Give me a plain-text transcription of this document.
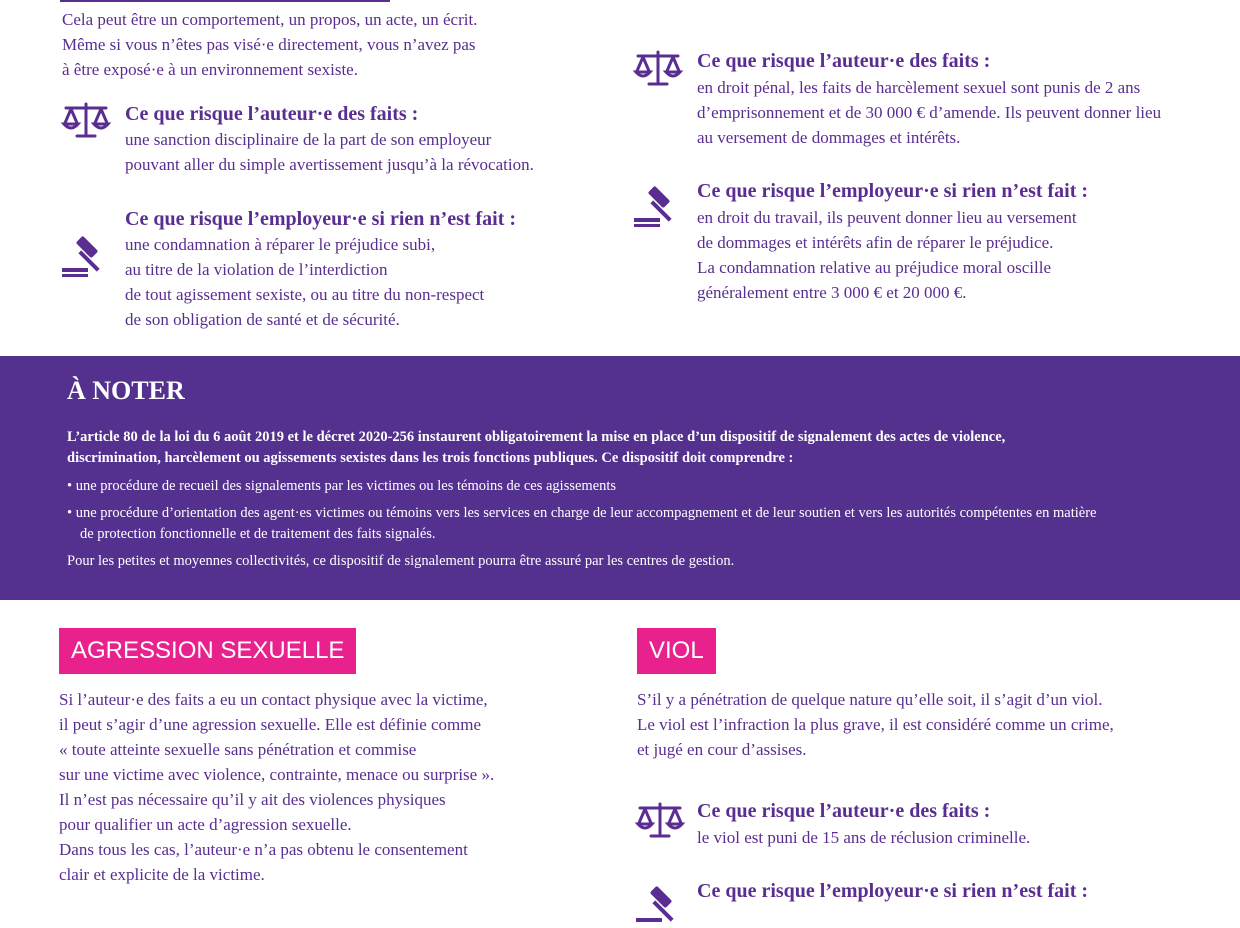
Cela peut être un comportement, un propos, un acte, un écrit.
Même si vous n’êtes pas visé·e directement, vous n’avez pas
à être exposé·e à un environnement sexiste.
Ce que risque l’auteur·e des faits :
une sanction disciplinaire de la part de son employeur
pouvant aller du simple avertissement jusqu’à la révocation.
Ce que risque l’employeur·e si rien n’est fait :
une condamnation à réparer le préjudice subi,
au titre de la violation de l’interdiction
de tout agissement sexiste, ou au titre du non-respect
de son obligation de santé et de sécurité.
Ce que risque l’auteur·e des faits :
en droit pénal, les faits de harcèlement sexuel sont punis de 2 ans
d’emprisonnement et de 30 000 € d’amende. Ils peuvent donner lieu
au versement de dommages et intérêts.
Ce que risque l’employeur·e si rien n’est fait :
en droit du travail, ils peuvent donner lieu au versement
de dommages et intérêts afin de réparer le préjudice.
La condamnation relative au préjudice moral oscille
généralement entre 3 000 € et 20 000 €.
À NOTER
L’article 80 de la loi du 6 août 2019 et le décret 2020-256 instaurent obligatoirement la mise en place d’un dispositif de signalement des actes de violence,
discrimination, harcèlement ou agissements sexistes dans les trois fonctions publiques. Ce dispositif doit comprendre :
• une procédure de recueil des signalements par les victimes ou les témoins de ces agissements
• une procédure d’orientation des agent·es victimes ou témoins vers les services en charge de leur accompagnement et de leur soutien et vers les autorités compétentes en matière
de protection fonctionnelle et de traitement des faits signalés.
Pour les petites et moyennes collectivités, ce dispositif de signalement pourra être assuré par les centres de gestion.
AGRESSION SEXUELLE
Si l’auteur·e des faits a eu un contact physique avec la victime,
il peut s’agir d’une agression sexuelle. Elle est définie comme
« toute atteinte sexuelle sans pénétration et commise
sur une victime avec violence, contrainte, menace ou surprise ».
Il n’est pas nécessaire qu’il y ait des violences physiques
pour qualifier un acte d’agression sexuelle.
Dans tous les cas, l’auteur·e n’a pas obtenu le consentement
clair et explicite de la victime.
VIOL
S’il y a pénétration de quelque nature qu’elle soit, il s’agit d’un viol.
Le viol est l’infraction la plus grave, il est considéré comme un crime,
et jugé en cour d’assises.
Ce que risque l’auteur·e des faits :
le viol est puni de 15 ans de réclusion criminelle.
Ce que risque l’employeur·e si rien n’est fait :
